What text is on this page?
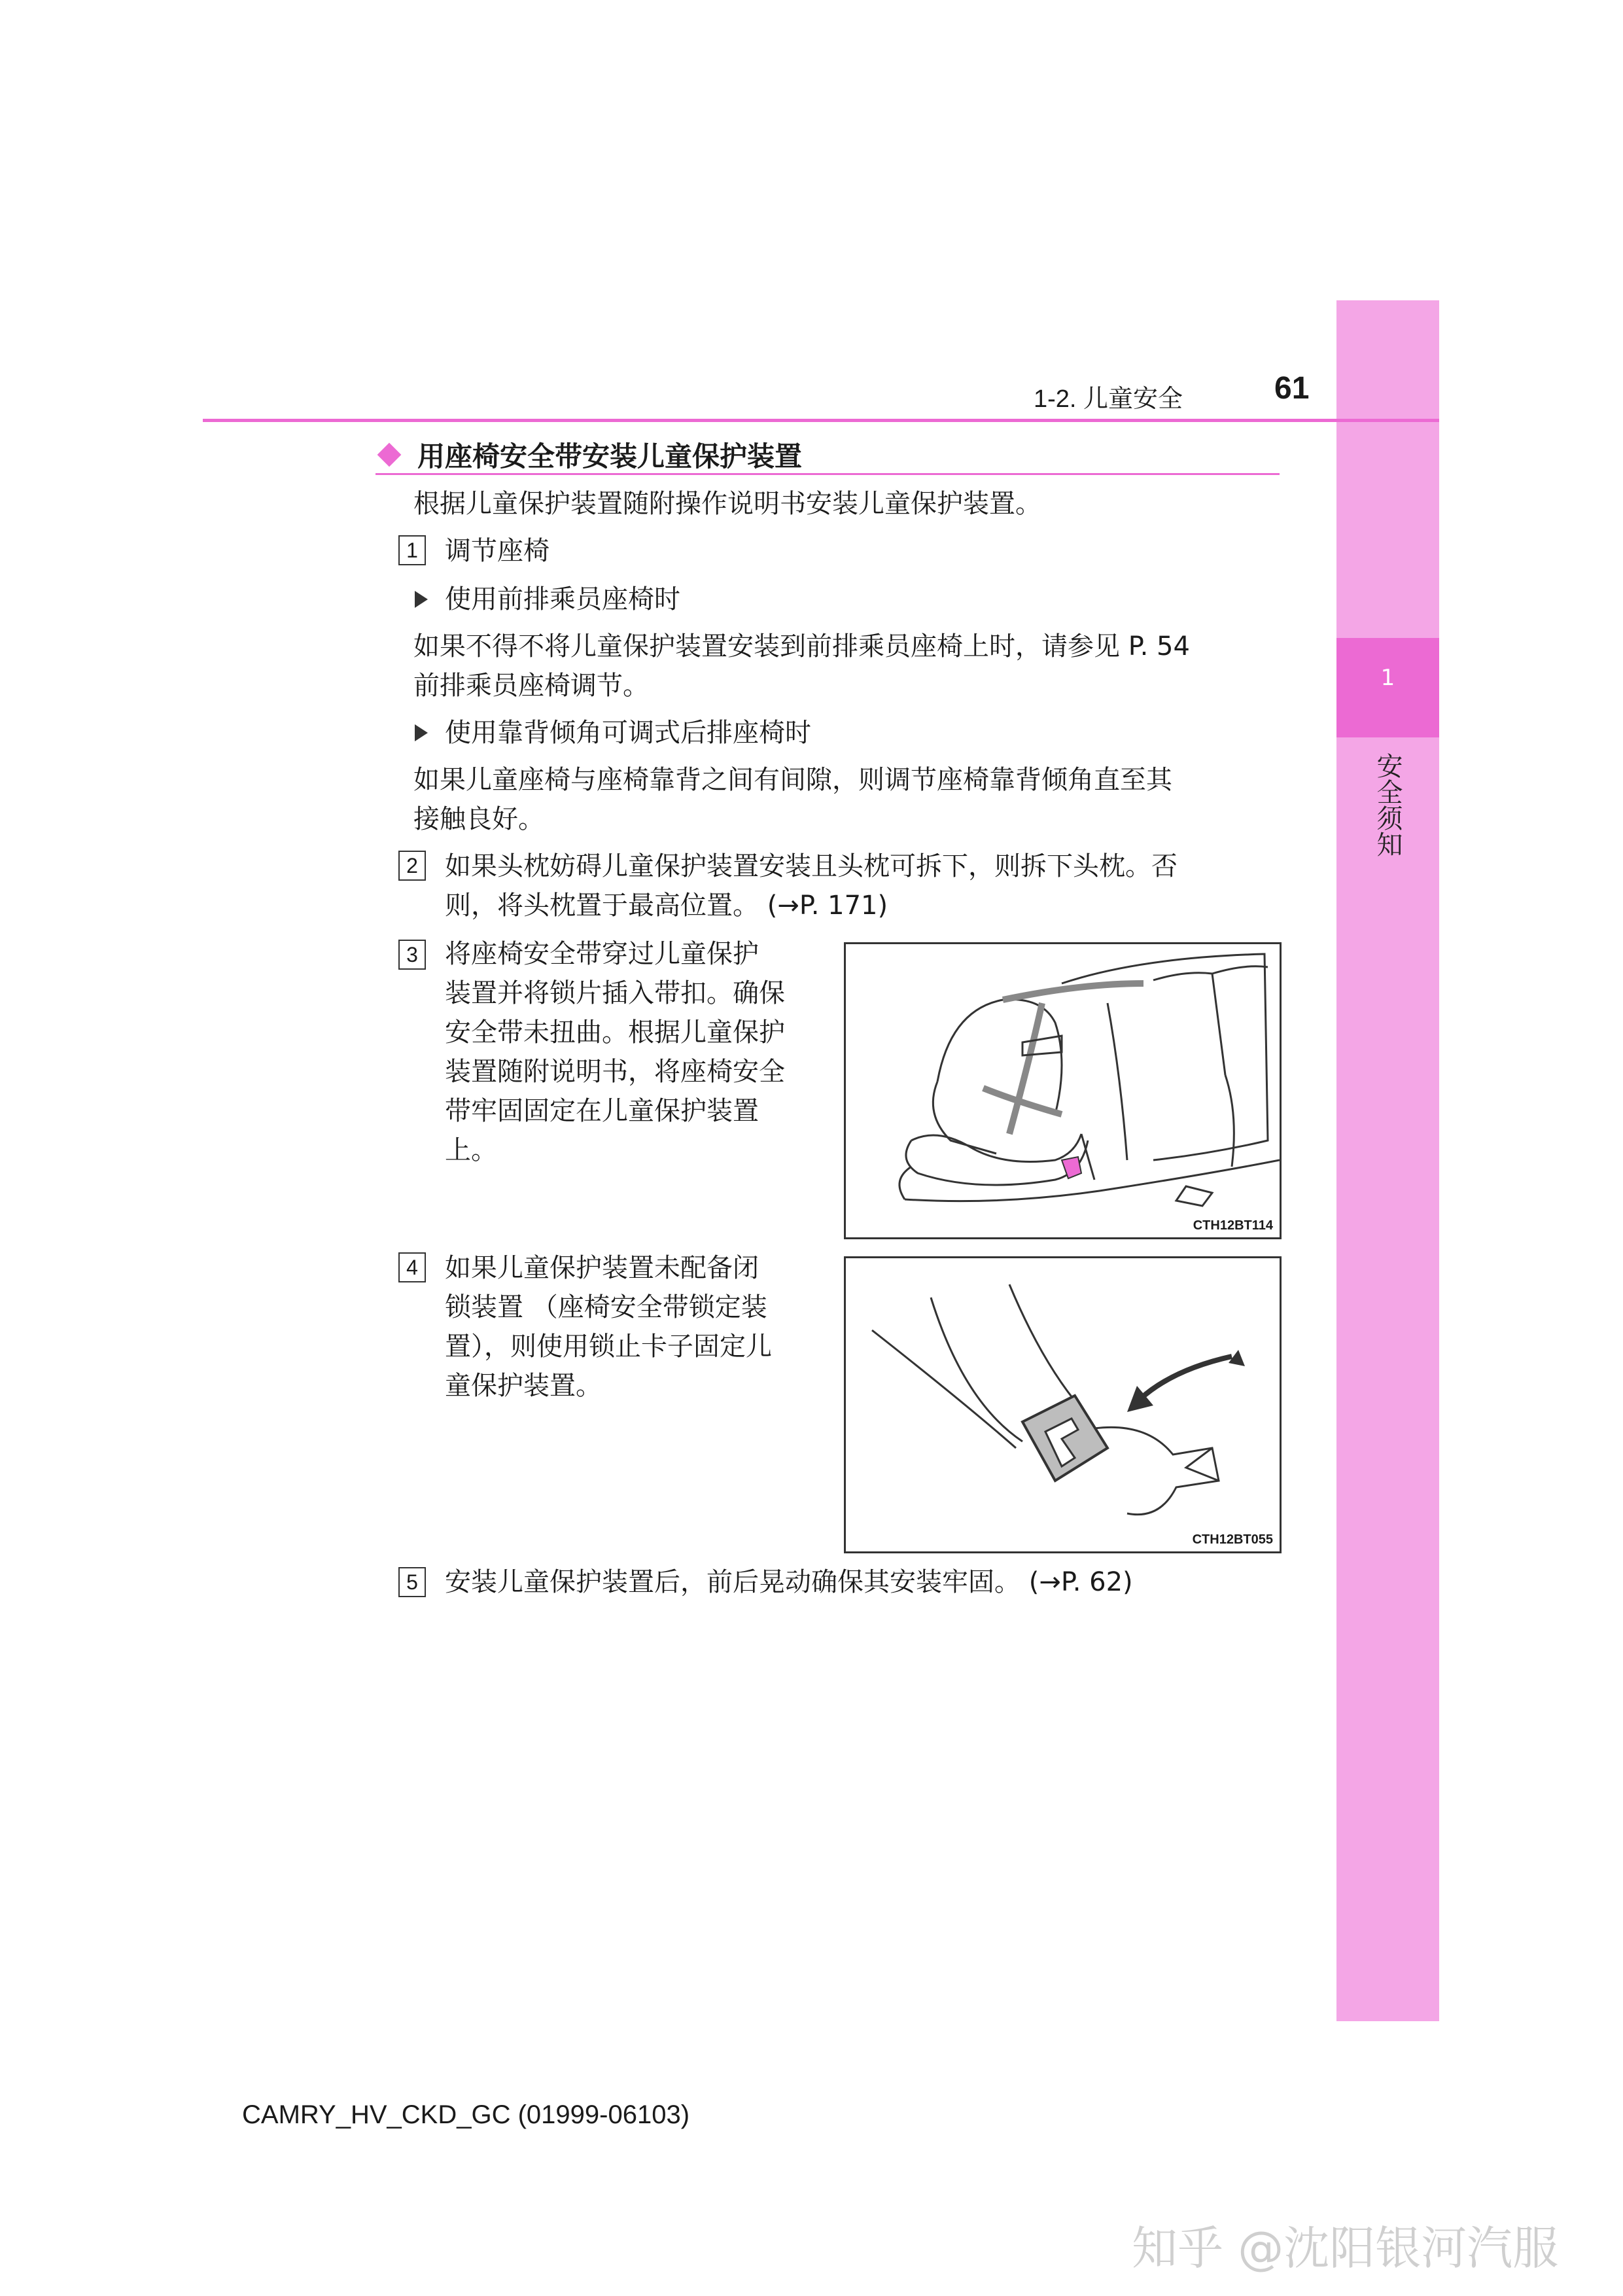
1
安全须知
1-2. 儿童安全	61
用座椅安全带安装儿童保护装置
根据儿童保护装置随附操作说明书安装儿童保护装置。
1	调节座椅
使用前排乘员座椅时
如果不得不将儿童保护装置安装到前排乘员座椅上时，请参见 P. 54
前排乘员座椅调节。
使用靠背倾角可调式后排座椅时
如果儿童座椅与座椅靠背之间有间隙，则调节座椅靠背倾角直至其
接触良好。
2	如果头枕妨碍儿童保护装置安装且头枕可拆下，则拆下头枕。否
则，将头枕置于最高位置。 (→P. 171)
3	将座椅安全带穿过儿童保护
装置并将锁片插入带扣。确保
安全带未扭曲。根据儿童保护
装置随附说明书，将座椅安全
带牢固固定在儿童保护装置
上。
CTH12BT114
4	如果儿童保护装置未配备闭
锁装置 （座椅安全带锁定装
置），则使用锁止卡子固定儿
童保护装置。
CTH12BT055
5	安装儿童保护装置后，前后晃动确保其安装牢固。 (→P. 62)
CAMRY_HV_CKD_GC (01999-06103)
知乎 @沈阳银河汽服
